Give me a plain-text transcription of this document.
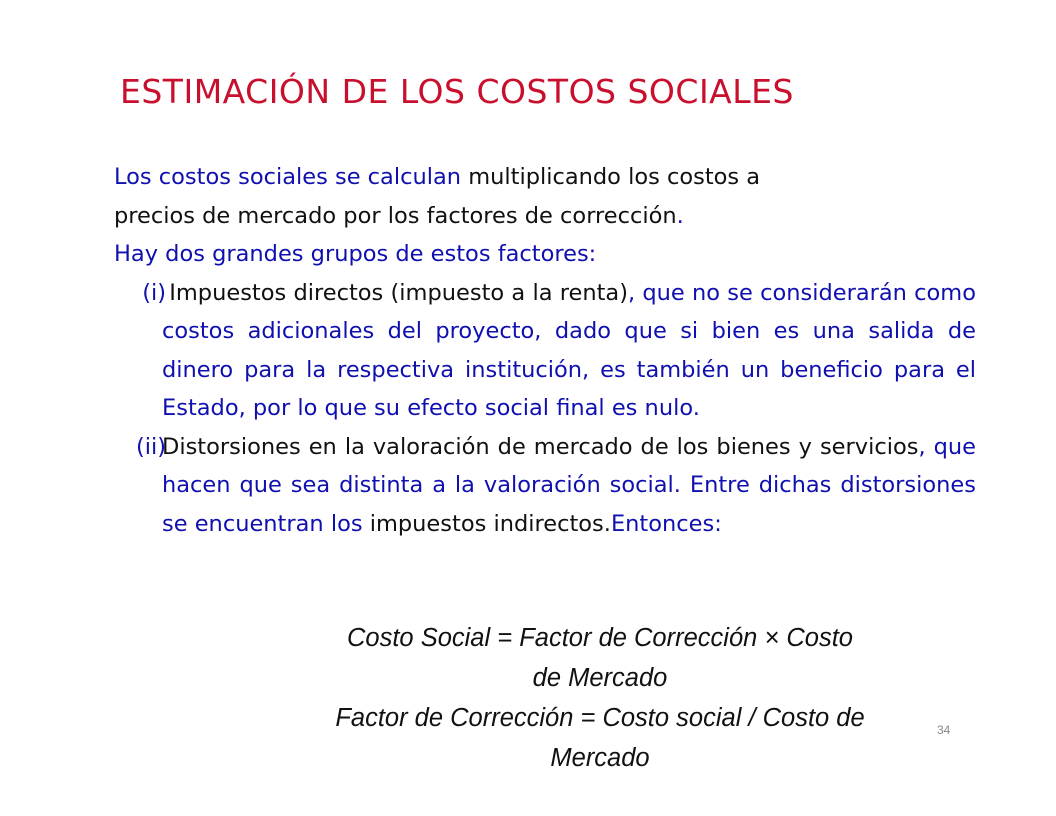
ESTIMACIÓN DE LOS COSTOS SOCIALES
Los costos sociales se calculan multiplicando los costos a
precios de mercado por los factores de corrección.
Hay dos grandes grupos de estos factores:
(i) Impuestos directos (impuesto a la renta), que no se considerarán como costos adicionales del proyecto, dado que si bien es una salida de dinero para la respectiva institución, es también un beneficio para el Estado, por lo que su efecto social final es nulo.
(ii)
Distorsiones en la valoración de mercado de los bienes y servicios, que hacen que sea distinta a la valoración social. Entre dichas distorsiones se encuentran los impuestos indirectos.Entonces:
Costo Social = Factor de Corrección × Costo
de Mercado
Factor de Corrección = Costo social / Costo de
Mercado
34
